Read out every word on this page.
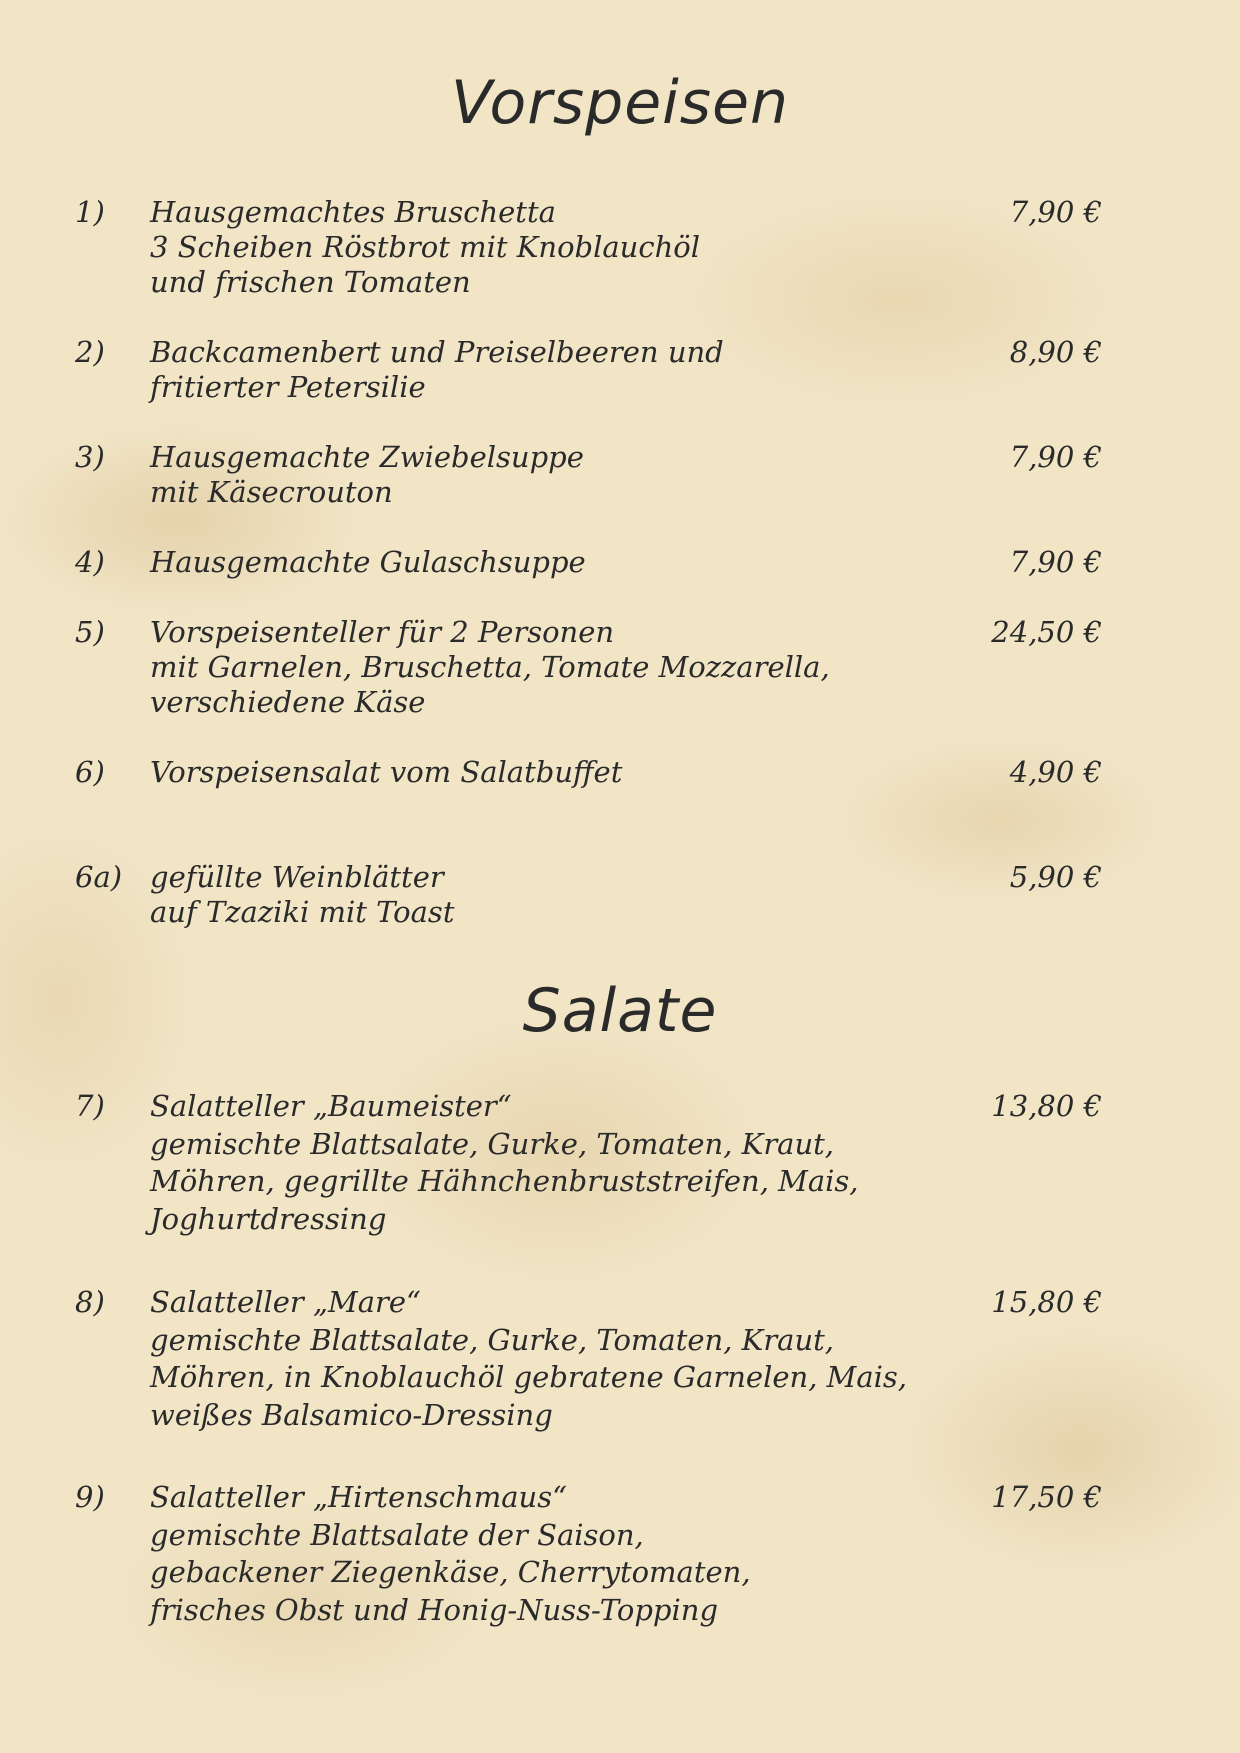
Vorspeisen
1) Hausgemachtes Bruschetta
3 Scheiben Röstbrot mit Knoblauchöl
und frischen Tomaten
7,90 €
2) Backcamenbert und Preiselbeeren und
fritierter Petersilie
8,90 €
3) Hausgemachte Zwiebelsuppe
mit Käsecrouton
7,90 €
4) Hausgemachte Gulaschsuppe	7,90 €
5) Vorspeisenteller für 2 Personen
mit Garnelen, Bruschetta, Tomate Mozzarella,
verschiedene Käse
24,50 €
6) Vorspeisensalat vom Salatbuffet	4,90 €
6a) gefüllte Weinblätter
auf Tzaziki mit Toast
5,90 €
Salate
7) Salatteller „Baumeister“
gemischte Blattsalate, Gurke, Tomaten, Kraut,
Möhren, gegrillte Hähnchenbruststreifen, Mais,
Joghurtdressing
13,80 €
8) Salatteller „Mare“
gemischte Blattsalate, Gurke, Tomaten, Kraut,
Möhren, in Knoblauchöl gebratene Garnelen, Mais,
weißes Balsamico-Dressing
15,80 €
9) Salatteller „Hirtenschmaus“
gemischte Blattsalate der Saison,
gebackener Ziegenkäse, Cherrytomaten,
frisches Obst und Honig-Nuss-Topping
17,50 €
